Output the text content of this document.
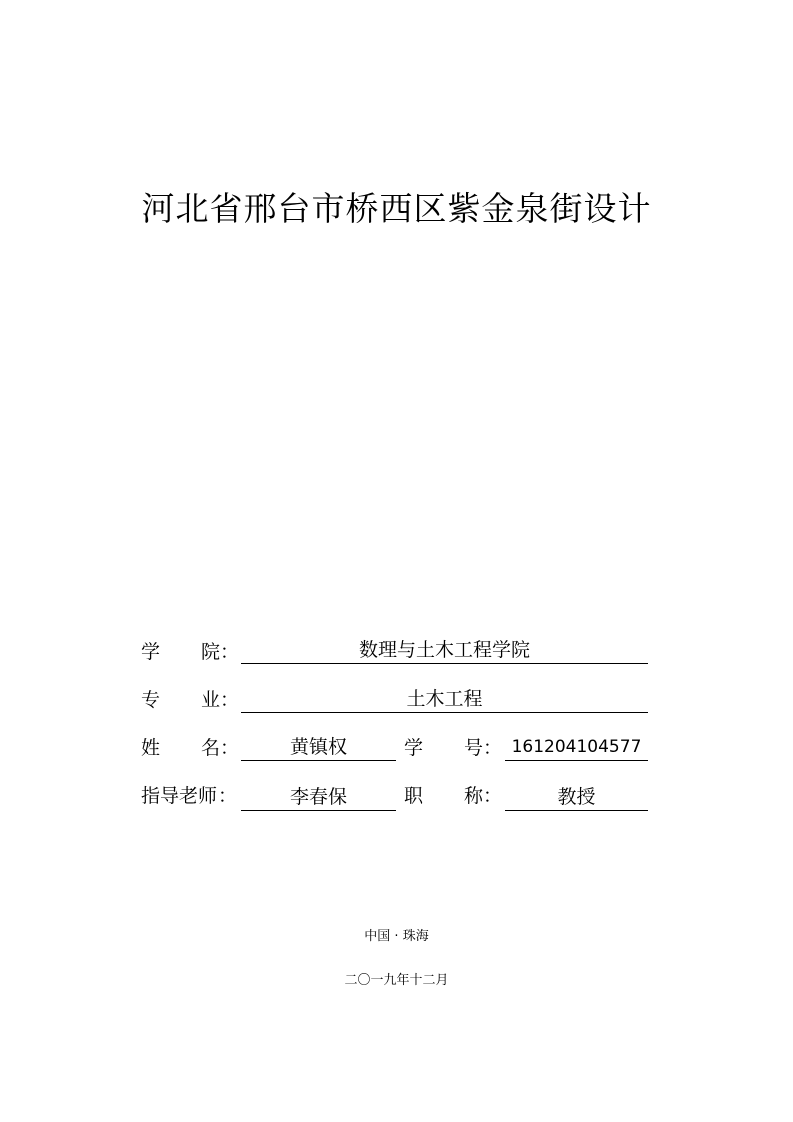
河北省邢台市桥西区紫金泉街设计
学 院 ：	数理与土木工程学院
专 业 ：	土木工程
姓 名 ：	黄镇权	学 号 ： 161204104577
指导老师 ：	李春保	职 称 ：	教授
中国 · 珠海
二〇一九年十二月
